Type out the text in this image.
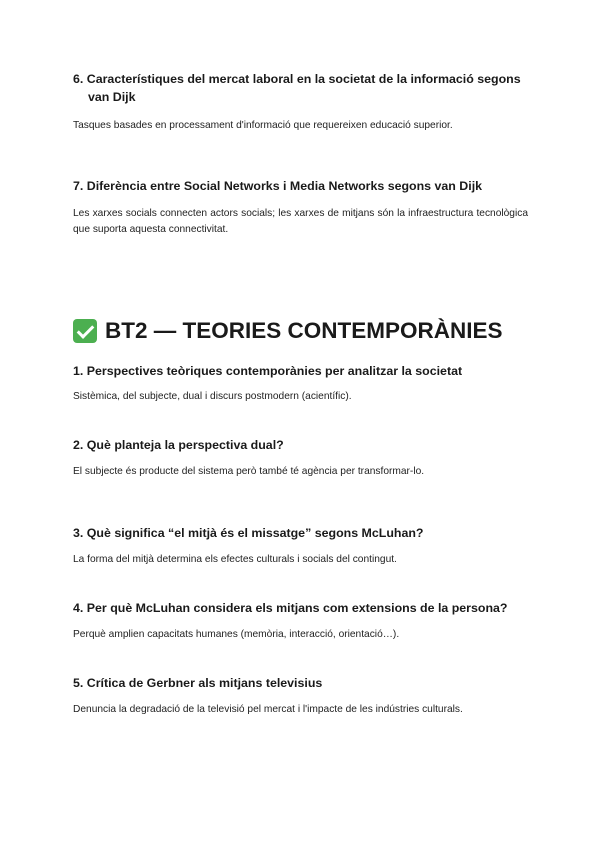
6. Característiques del mercat laboral en la societat de la informació segons van Dijk

Tasques basades en processament d'informació que requereixen educació superior.

7. Diferència entre Social Networks i Media Networks segons van Dijk

Les xarxes socials connecten actors socials; les xarxes de mitjans són la infraestructura tecnològica que suporta aquesta connectivitat.

BT2 — TEORIES CONTEMPORÀNIES

1. Perspectives teòriques contemporànies per analitzar la societat

Sistèmica, del subjecte, dual i discurs postmodern (acientífic).

2. Què planteja la perspectiva dual?

El subjecte és producte del sistema però també té agència per transformar-lo.

3. Què significa “el mitjà és el missatge” segons McLuhan?

La forma del mitjà determina els efectes culturals i socials del contingut.

4. Per què McLuhan considera els mitjans com extensions de la persona?

Perquè amplien capacitats humanes (memòria, interacció, orientació…).

5. Crítica de Gerbner als mitjans televisius

Denuncia la degradació de la televisió pel mercat i l'impacte de les indústries culturals.
